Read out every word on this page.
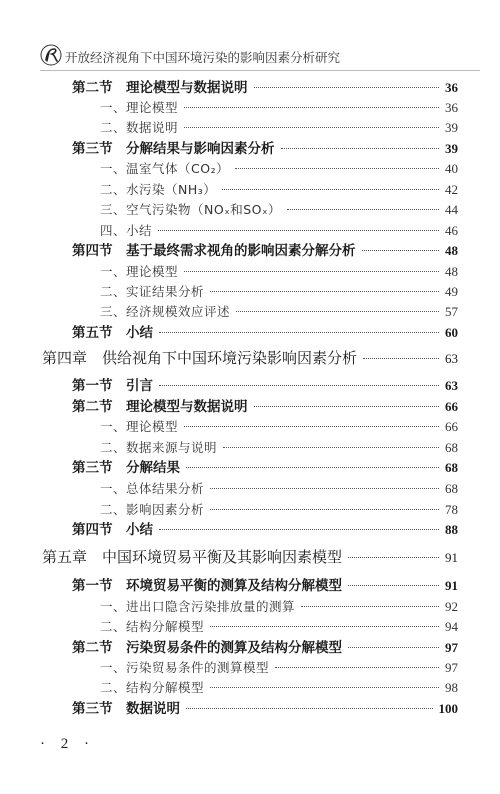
开放经济视角下中国环境污染的影响因素分析研究
第二节　理论模型与数据说明	36
一、理论模型	36
二、数据说明	39
第三节　分解结果与影响因素分析	39
一、温室气体（CO₂）	40
二、水污染（NH₃）	42
三、空气污染物（NOₓ和SOₓ）	44
四、小结	46
第四节　基于最终需求视角的影响因素分解分析	48
一、理论模型	48
二、实证结果分析	49
三、经济规模效应评述	57
第五节　小结	60
第四章　供给视角下中国环境污染影响因素分析	63
第一节　引言	63
第二节　理论模型与数据说明	66
一、理论模型	66
二、数据来源与说明	68
第三节　分解结果	68
一、总体结果分析	68
二、影响因素分析	78
第四节　小结	88
第五章　中国环境贸易平衡及其影响因素模型	91
第一节　环境贸易平衡的测算及结构分解模型	91
一、进出口隐含污染排放量的测算	92
二、结构分解模型	94
第二节　污染贸易条件的测算及结构分解模型	97
一、污染贸易条件的测算模型	97
二、结构分解模型	98
第三节　数据说明	100
· 2 ·
